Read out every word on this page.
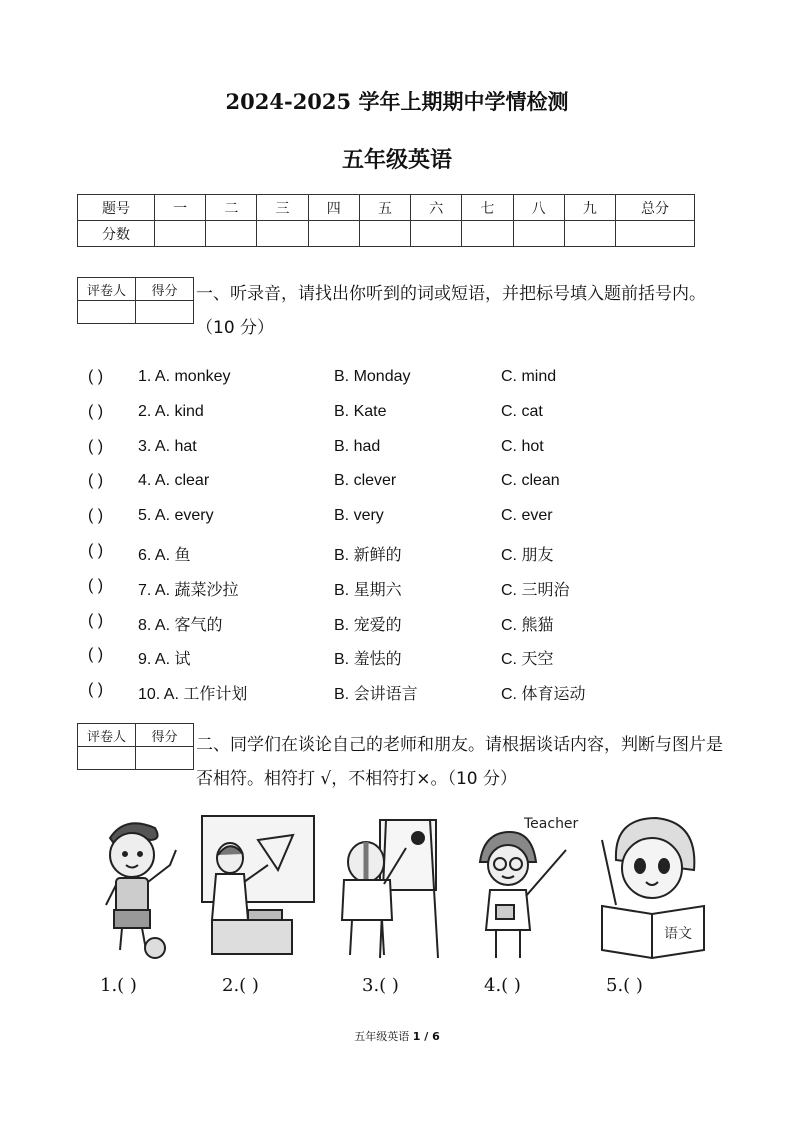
2024-2025 学年上期期中学情检测
五年级英语
题号	一	二	三	四	五	六	七	八	九	总分
分数										
评卷人	得分
	一、听录音，请找出你听到的词或短语，并把标号填入题前括号内。（10 分）
( ) 1. A. monkey	B. Monday	C. mind
( ) 2. A. kind	B. Kate	C. cat
( ) 3. A. hat	B. had	C. hot
( ) 4. A. clear	B. clever	C. clean
( ) 5. A. every	B. very	C. ever
( ) 6. A. 鱼	B. 新鲜的	C. 朋友
( ) 7. A. 蔬菜沙拉	B. 星期六	C. 三明治
( ) 8. A. 客气的	B. 宠爱的	C. 熊猫
( ) 9. A. 试	B. 羞怯的	C. 天空
( ) 10. A. 工作计划	B. 会讲语言	C. 体育运动
评卷人	得分
	二、同学们在谈论自己的老师和朋友。请根据谈话内容，判断与图片是否相符。相符打 √，不相符打×。（10 分）
Teacher
语文
1.( )	2.( )	3.( )	4.( )	5.( )
五年级英语 1 / 6
